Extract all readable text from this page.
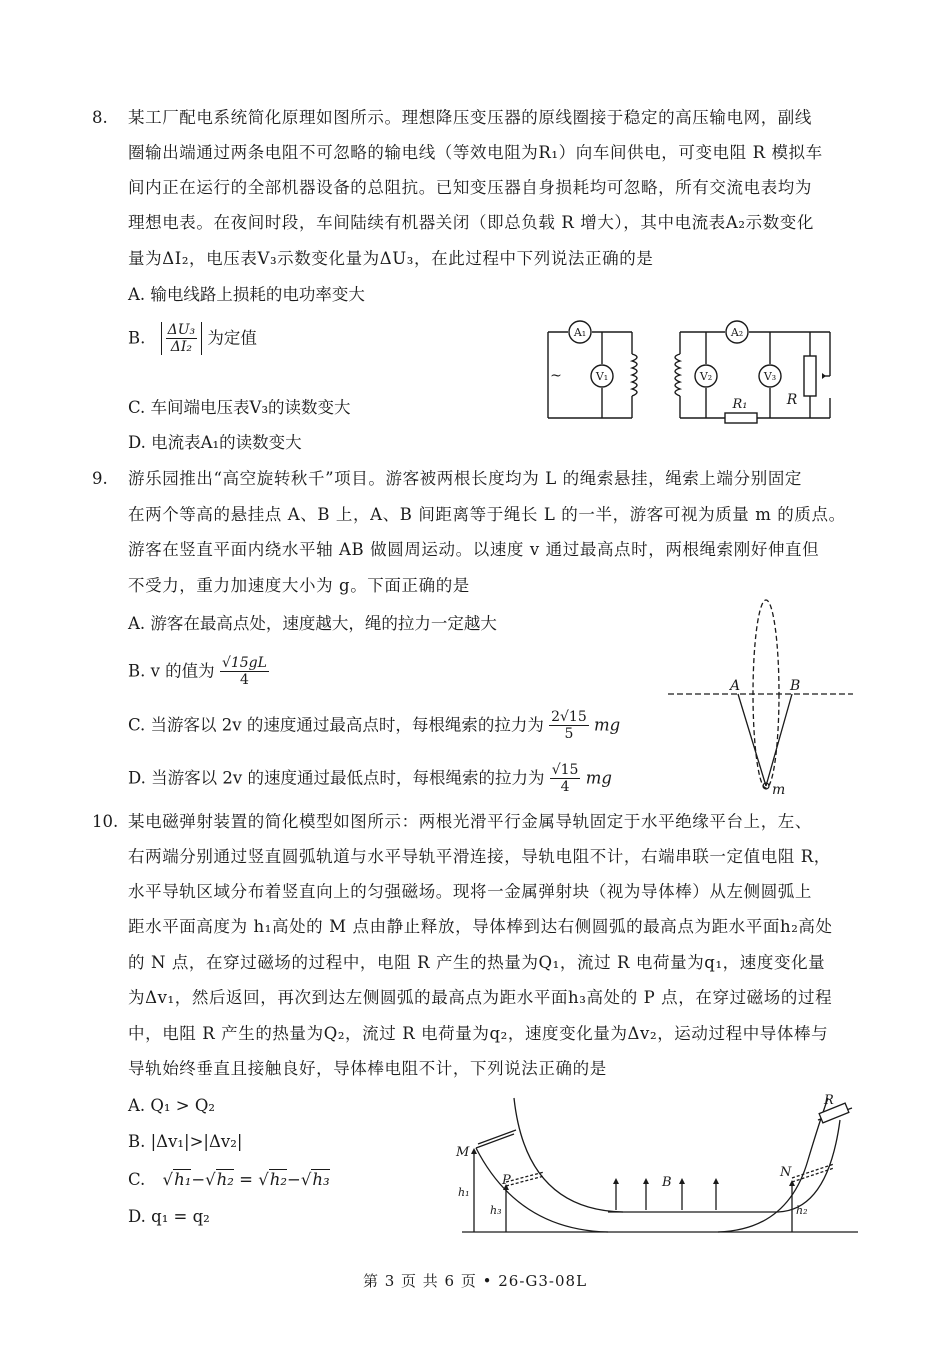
8. 某工厂配电系统简化原理如图所示。理想降压变压器的原线圈接于稳定的高压输电网，副线
圈输出端通过两条电阻不可忽略的输电线（等效电阻为R₁）向车间供电，可变电阻 R 模拟车
间内正在运行的全部机器设备的总阻抗。已知变压器自身损耗均可忽略，所有交流电表均为
理想电表。在夜间时段，车间陆续有机器关闭（即总负载 R 增大），其中电流表A₂示数变化
量为ΔI₂，电压表V₃示数变化量为ΔU₃，在此过程中下列说法正确的是
A. 输电线路上损耗的电功率变大
B. $\frac{\text{ΔU₃}}{\text{ΔI₂}}$ 为定值
C. 车间端电压表V₃的读数变大
D. 电流表A₁的读数变大
~
A₁
V₁
A₂
V₂	V₃
R₁	R
9. 游乐园推出“高空旋转秋千”项目。游客被两根长度均为 L 的绳索悬挂，绳索上端分别固定
在两个等高的悬挂点 A、B 上，A、B 间距离等于绳长 L 的一半，游客可视为质量 m 的质点。
游客在竖直平面内绕水平轴 AB 做圆周运动。以速度 v 通过最高点时，两根绳索刚好伸直但
不受力，重力加速度大小为 g。下面正确的是
A. 游客在最高点处，速度越大，绳的拉力一定越大
B. v 的值为 $\frac{√15gL}{4}$
C. 当游客以 2v 的速度通过最高点时，每根绳索的拉力为 $\frac{2√15}{5}$ mg
D. 当游客以 2v 的速度通过最低点时，每根绳索的拉力为 $\frac{√15}{4}$ mg
A	B
m
10. 某电磁弹射装置的简化模型如图所示：两根光滑平行金属导轨固定于水平绝缘平台上，左、
右两端分别通过竖直圆弧轨道与水平导轨平滑连接，导轨电阻不计，右端串联一定值电阻 R，
水平导轨区域分布着竖直向上的匀强磁场。现将一金属弹射块（视为导体棒）从左侧圆弧上
距水平面高度为 h₁高处的 M 点由静止释放，导体棒到达右侧圆弧的最高点为距水平面h₂高处
的 N 点，在穿过磁场的过程中，电阻 R 产生的热量为Q₁，流过 R 电荷量为q₁，速度变化量
为Δv₁，然后返回，再次到达左侧圆弧的最高点为距水平面h₃高处的 P 点，在穿过磁场的过程
中，电阻 R 产生的热量为Q₂，流过 R 电荷量为q₂，速度变化量为Δv₂，运动过程中导体棒与
导轨始终垂直且接触良好，导体棒电阻不计，下列说法正确的是
A. Q₁ > Q₂
B. |Δv₁|>|Δv₂|
C. √h₁−√h₂ = √h₂−√h₃
D. q₁ = q₂
M
P	B
N
R
h₁
h₃	h₂
第 3 页 共 6 页 • 26-G3-08L
